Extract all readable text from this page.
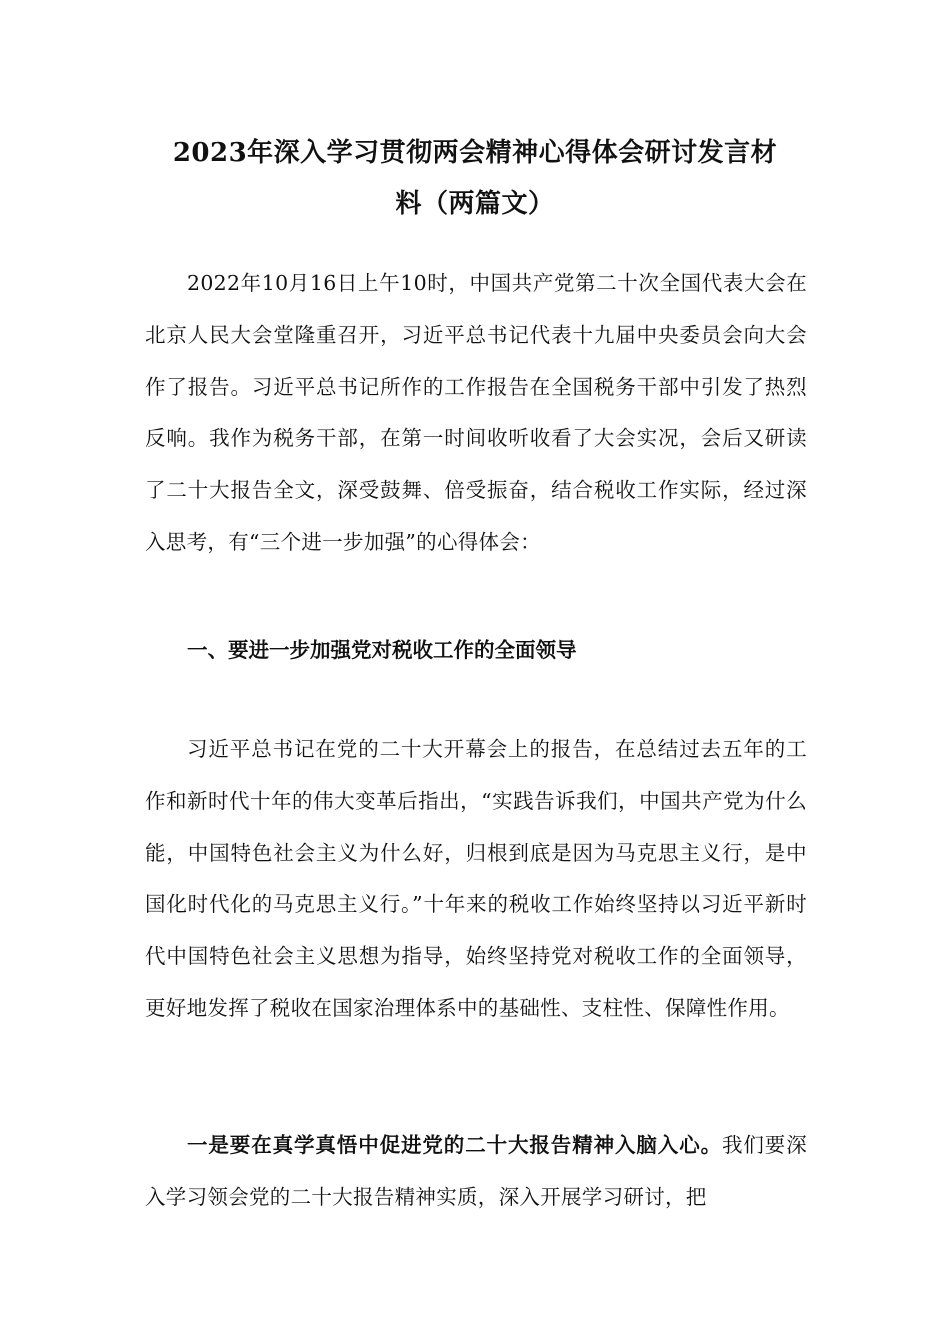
2023年深入学习贯彻两会精神心得体会研讨发言材
料（两篇文）

2022年10月16日上午10时，中国共产党第二十次全国代表大会在北京人民大会堂隆重召开，习近平总书记代表十九届中央委员会向大会作了报告。习近平总书记所作的工作报告在全国税务干部中引发了热烈反响。我作为税务干部，在第一时间收听收看了大会实况，会后又研读了二十大报告全文，深受鼓舞、倍受振奋，结合税收工作实际，经过深入思考，有“三个进一步加强”的心得体会：

一、要进一步加强党对税收工作的全面领导

习近平总书记在党的二十大开幕会上的报告，在总结过去五年的工作和新时代十年的伟大变革后指出，“实践告诉我们，中国共产党为什么能，中国特色社会主义为什么好，归根到底是因为马克思主义行，是中国化时代化的马克思主义行。”十年来的税收工作始终坚持以习近平新时代中国特色社会主义思想为指导，始终坚持党对税收工作的全面领导，更好地发挥了税收在国家治理体系中的基础性、支柱性、保障性作用。

一是要在真学真悟中促进党的二十大报告精神入脑入心。我们要深入学习领会党的二十大报告精神实质，深入开展学习研讨，把
